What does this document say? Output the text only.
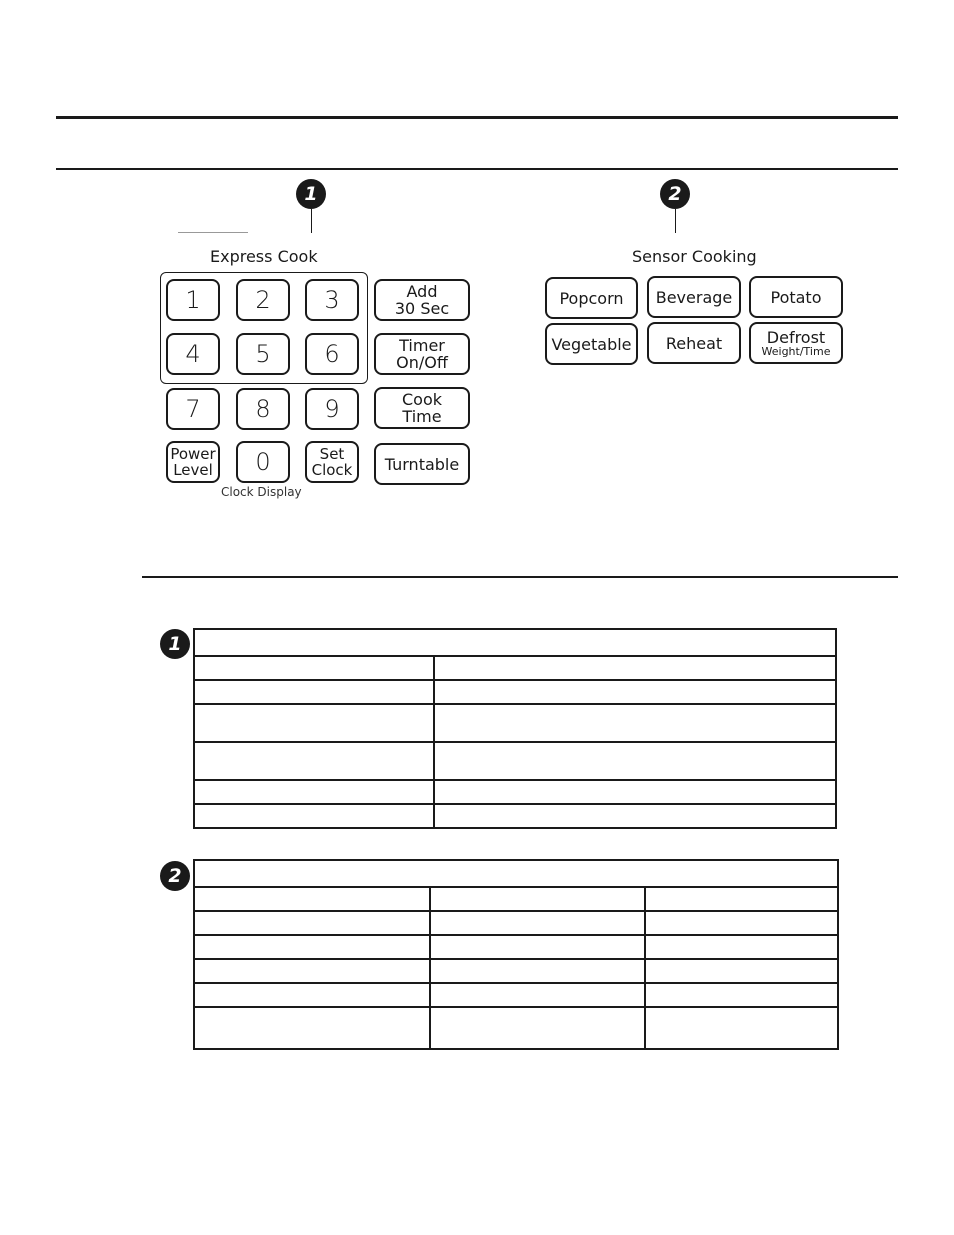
1	2
Express Cook	Sensor Cooking
1	2	3
4	5	6
7	8	9
Power
Level	0	Set
Clock
Clock Display
Add
30 Sec
Timer
On/Off
Cook
Time
Turntable
Popcorn	Beverage	Potato
Vegetable	Reheat	Defrost
Weight/Time
1

2
